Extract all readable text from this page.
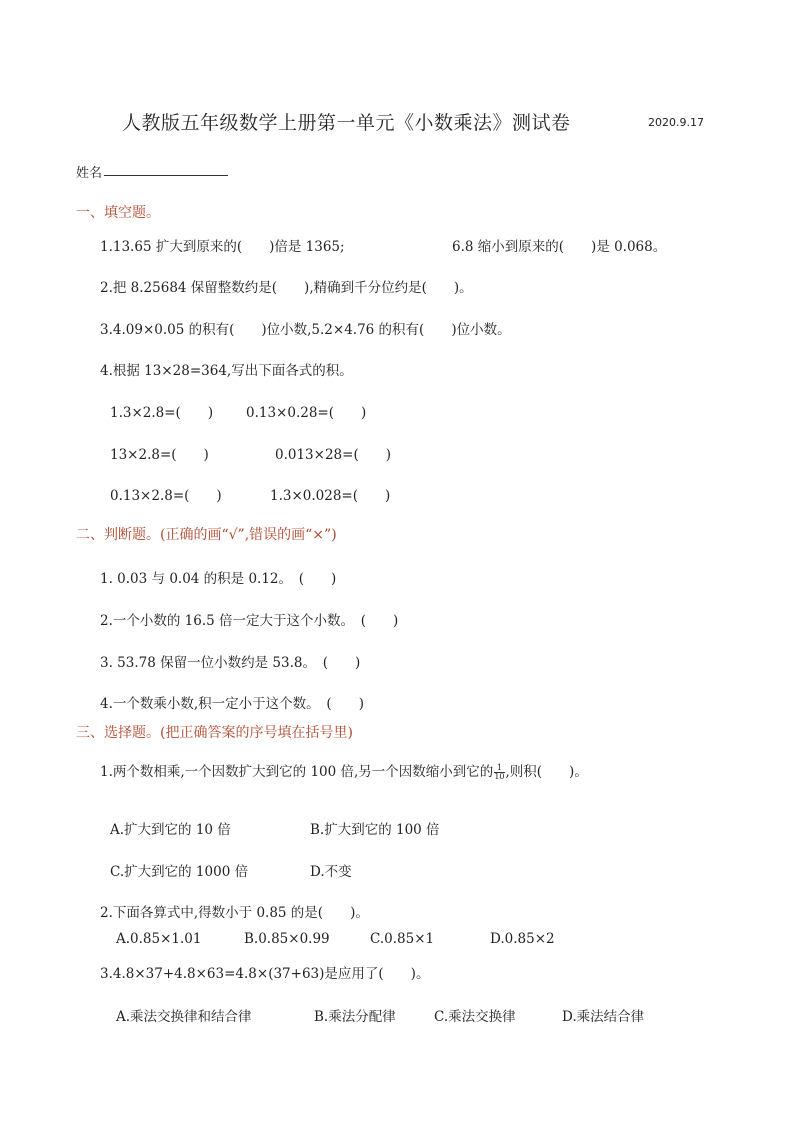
人教版五年级数学上册第一单元《小数乘法》测试卷	2020.9.17
姓名
一、填空题。
1.13.65 扩大到原来的(　　)倍是 1365;	6.8 缩小到原来的(　　)是 0.068。
2.把 8.25684 保留整数约是(　　),精确到千分位约是(　　)。
3.4.09×0.05 的积有(　　)位小数,5.2×4.76 的积有(　　)位小数。
4.根据 13×28=364,写出下面各式的积。
1.3×2.8=(　　) 0.13×0.28=(　　)
13×2.8=(　　)	0.013×28=(　　)
0.13×2.8=(　　)	1.3×0.028=(　　)
二、判断题。(正确的画“√”,错误的画“×”)
1. 0.03 与 0.04 的积是 0.12。　(　　)
2.一个小数的 16.5 倍一定大于这个小数。　(　　)
3. 53.78 保留一位小数约是 53.8。　(　　)
4.一个数乘小数,积一定小于这个数。　(　　)
三、选择题。(把正确答案的序号填在括号里)
1.两个数相乘,一个因数扩大到它的 100 倍,另一个因数缩小到它的 $\frac{1}{10}$ ,则积(　　)。
A.扩大到它的 10 倍	B.扩大到它的 100 倍
C.扩大到它的 1000 倍	D.不变
2.下面各算式中,得数小于 0.85 的是(　　)。
A.0.85×1.01	B.0.85×0.99	C.0.85×1	D.0.85×2
3.4.8×37+4.8×63=4.8×(37+63)是应用了(　　)。
A.乘法交换律和结合律	B.乘法分配律	C.乘法交换律	D.乘法结合律
